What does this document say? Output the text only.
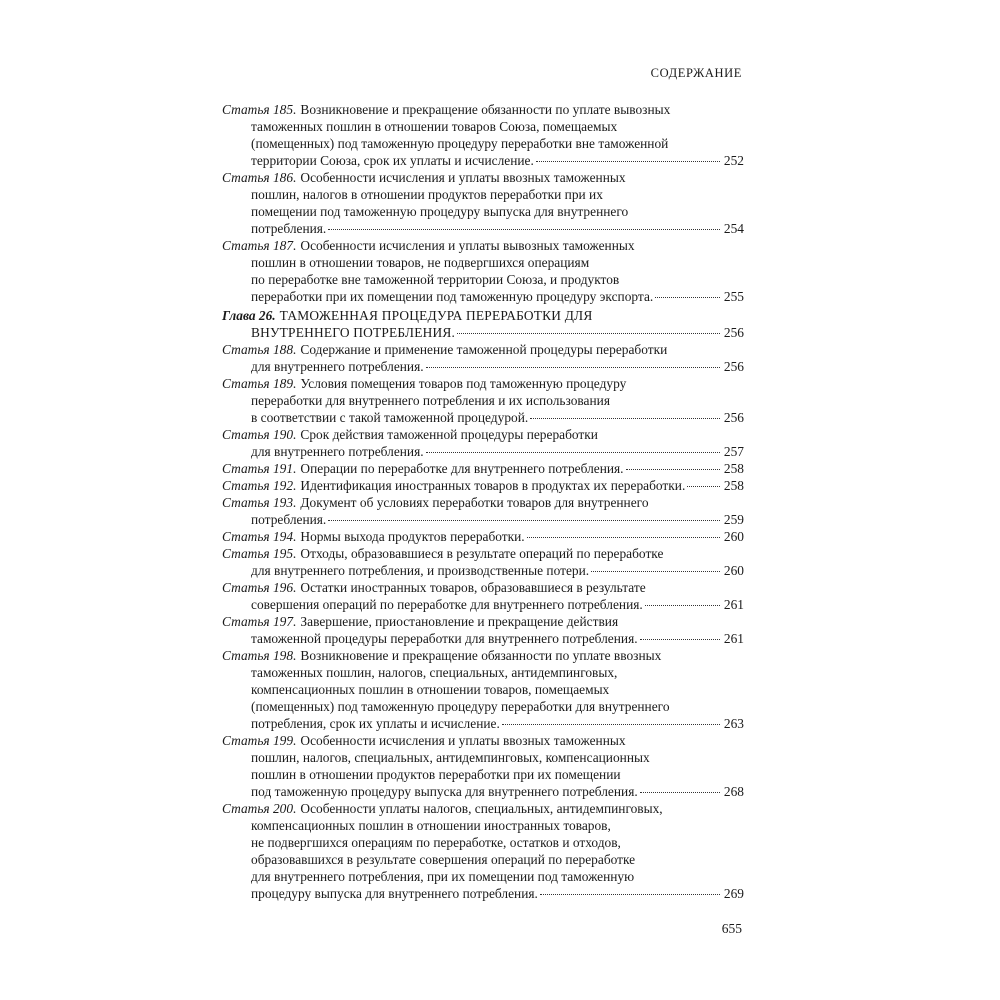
СОДЕРЖАНИЕ
Статья 185. Возникновение и прекращение обязанности по уплате вывозных
таможенных пошлин в отношении товаров Союза, помещаемых
(помещенных) под таможенную процедуру переработки вне таможенной
территории Союза, срок их уплаты и исчисление.	252
Статья 186. Особенности исчисления и уплаты ввозных таможенных
пошлин, налогов в отношении продуктов переработки при их
помещении под таможенную процедуру выпуска для внутреннего
потребления.	254
Статья 187. Особенности исчисления и уплаты вывозных таможенных
пошлин в отношении товаров, не подвергшихся операциям
по переработке вне таможенной территории Союза, и продуктов
переработки при их помещении под таможенную процедуру экспорта.	255
Глава 26. ТАМОЖЕННАЯ ПРОЦЕДУРА ПЕРЕРАБОТКИ ДЛЯ
ВНУТРЕННЕГО ПОТРЕБЛЕНИЯ.	256
Статья 188. Содержание и применение таможенной процедуры переработки
для внутреннего потребления.	256
Статья 189. Условия помещения товаров под таможенную процедуру
переработки для внутреннего потребления и их использования
в соответствии с такой таможенной процедурой.	256
Статья 190. Срок действия таможенной процедуры переработки
для внутреннего потребления.	257
Статья 191. Операции по переработке для внутреннего потребления.	258
Статья 192. Идентификация иностранных товаров в продуктах их переработки.	258
Статья 193. Документ об условиях переработки товаров для внутреннего
потребления.	259
Статья 194. Нормы выхода продуктов переработки.	260
Статья 195. Отходы, образовавшиеся в результате операций по переработке
для внутреннего потребления, и производственные потери.	260
Статья 196. Остатки иностранных товаров, образовавшиеся в результате
совершения операций по переработке для внутреннего потребления.	261
Статья 197. Завершение, приостановление и прекращение действия
таможенной процедуры переработки для внутреннего потребления.	261
Статья 198. Возникновение и прекращение обязанности по уплате ввозных
таможенных пошлин, налогов, специальных, антидемпинговых,
компенсационных пошлин в отношении товаров, помещаемых
(помещенных) под таможенную процедуру переработки для внутреннего
потребления, срок их уплаты и исчисление.	263
Статья 199. Особенности исчисления и уплаты ввозных таможенных
пошлин, налогов, специальных, антидемпинговых, компенсационных
пошлин в отношении продуктов переработки при их помещении
под таможенную процедуру выпуска для внутреннего потребления.	268
Статья 200. Особенности уплаты налогов, специальных, антидемпинговых,
компенсационных пошлин в отношении иностранных товаров,
не подвергшихся операциям по переработке, остатков и отходов,
образовавшихся в результате совершения операций по переработке
для внутреннего потребления, при их помещении под таможенную
процедуру выпуска для внутреннего потребления.	269
655
